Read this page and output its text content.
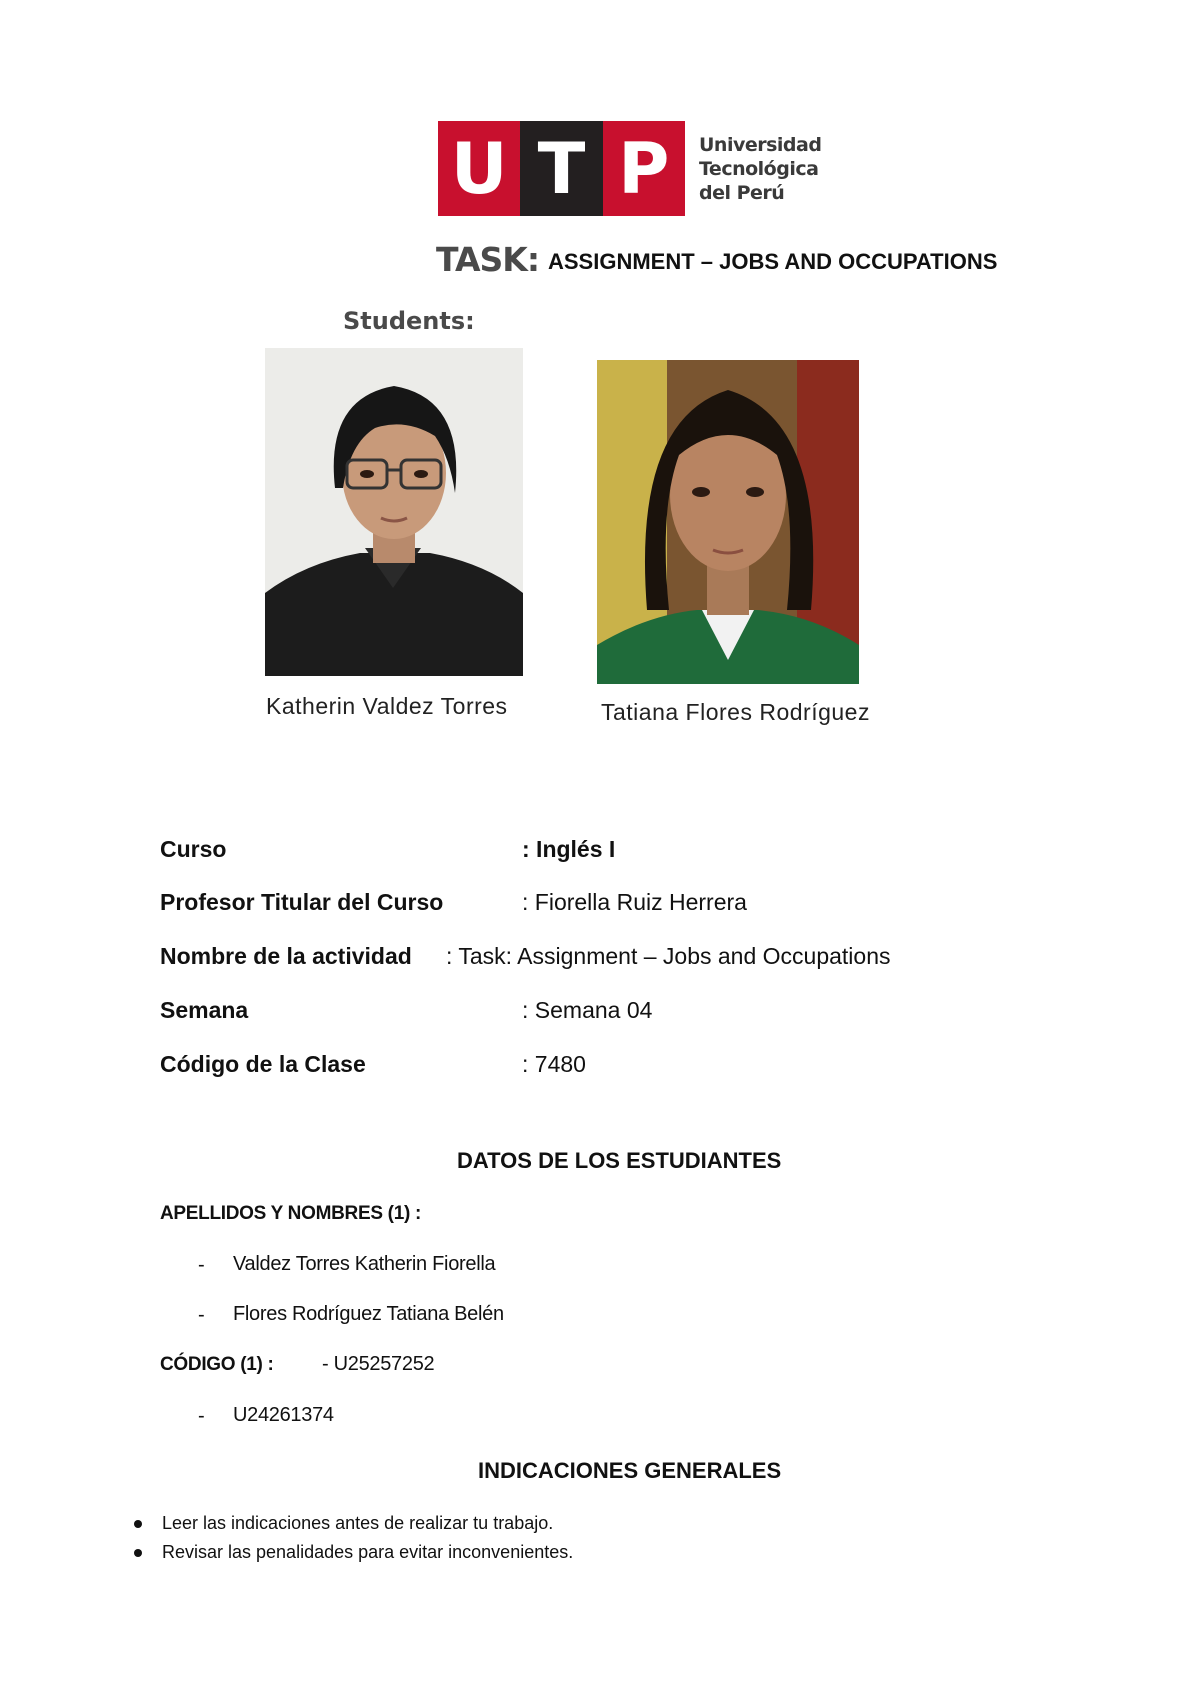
U T P	Universidad
Tecnológica
del Perú
TASK: ASSIGNMENT – JOBS AND OCCUPATIONS
Students:
Katherin Valdez Torres	Tatiana Flores Rodríguez
Curso	: Inglés I
Profesor Titular del Curso	: Fiorella Ruiz Herrera
Nombre de la actividad : Task: Assignment – Jobs and Occupations
Semana	: Semana 04
Código de la Clase	: 7480
DATOS DE LOS ESTUDIANTES
APELLIDOS Y NOMBRES (1) :
- Valdez Torres Katherin Fiorella
- Flores Rodríguez Tatiana Belén
CÓDIGO (1) : - U25257252
- U24261374
INDICACIONES GENERALES
Leer las indicaciones antes de realizar tu trabajo.
Revisar las penalidades para evitar inconvenientes.
